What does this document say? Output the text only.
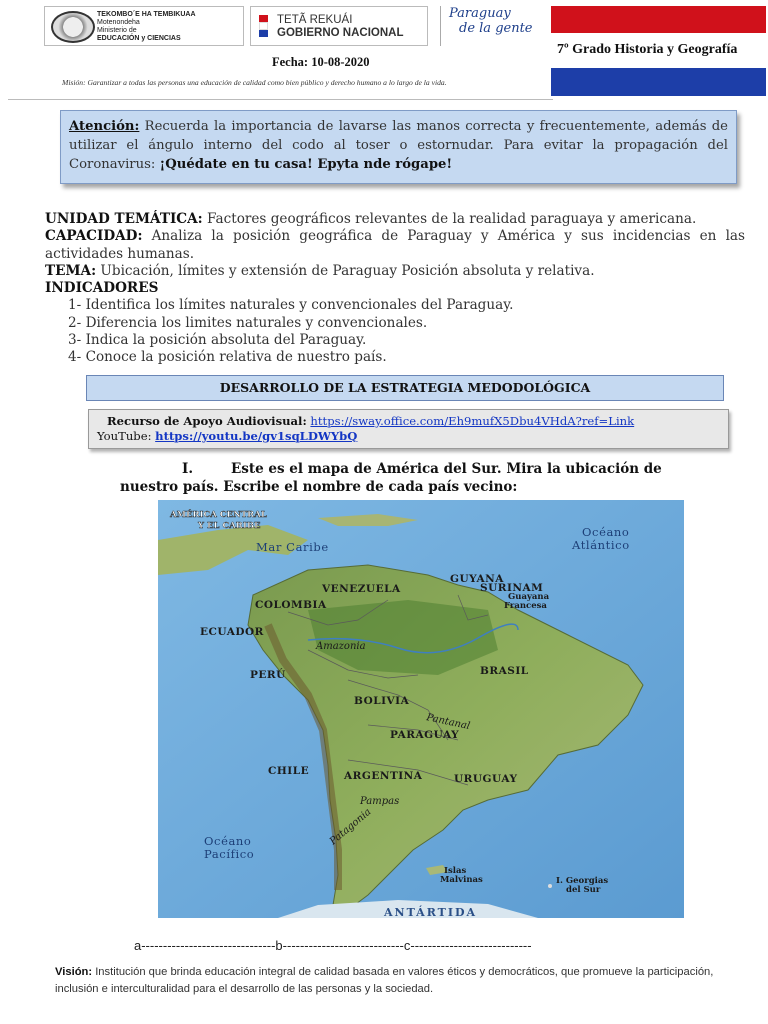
TEKOMBO´E HA TEMBIKUAA
Motenondeha
Ministerio de
EDUCACIÓN y CIENCIAS
TETÃ REKUÁI
GOBIERNO NACIONAL
Paraguay
de la gente
7º Grado Historia y Geografía
Fecha: 10-08-2020
Misión: Garantizar a todas las personas una educación de calidad como bien público y derecho humano a lo largo de la vida.
Atención: Recuerda la importancia de lavarse las manos correcta y frecuentemente, además de utilizar el ángulo interno del codo al toser o estornudar. Para evitar la propagación del Coronavirus: ¡Quédate en tu casa! Epyta nde rógape!
UNIDAD TEMÁTICA: Factores geográficos relevantes de la realidad paraguaya y americana.
CAPACIDAD: Analiza la posición geográfica de Paraguay y América y sus incidencias en las actividades humanas.
TEMA: Ubicación, límites y extensión de Paraguay Posición absoluta y relativa.
INDICADORES
1- Identifica los límites naturales y convencionales del Paraguay.
2- Diferencia los limites naturales y convencionales.
3- Indica la posición absoluta del Paraguay.
4- Conoce la posición relativa de nuestro país.
DESARROLLO DE LA ESTRATEGIA MEDODOLÓGICA
Recurso de Apoyo Audiovisual: https://sway.office.com/Eh9mufX5Dbu4VHdA?ref=Link
YouTube: https://youtu.be/gv1sqLDWYbQ
I.	Este es el mapa de América del Sur. Mira la ubicación de
nuestro país. Escribe el nombre de cada país vecino:
AMÉRICA CENTRAL
Y EL CARIBE
Mar Caribe
Océano
Atlántico
Océano
Pacífico
VENEZUELA
GUYANA
SURINAM
Guayana
Francesa
COLOMBIA
ECUADOR
Amazonia
BRASIL
PERÚ
BOLIVIA
Pantanal
PARAGUAY
CHILE	ARGENTINA	URUGUAY
Pampas
Patagonia
Islas
Malvinas	I. Georgias
del Sur
ANTÁRTIDA
a-------------------------------b----------------------------c----------------------------
Visión: Institución que brinda educación integral de calidad basada en valores éticos y democráticos, que promueve la participación, inclusión e interculturalidad para el desarrollo de las personas y la sociedad.
